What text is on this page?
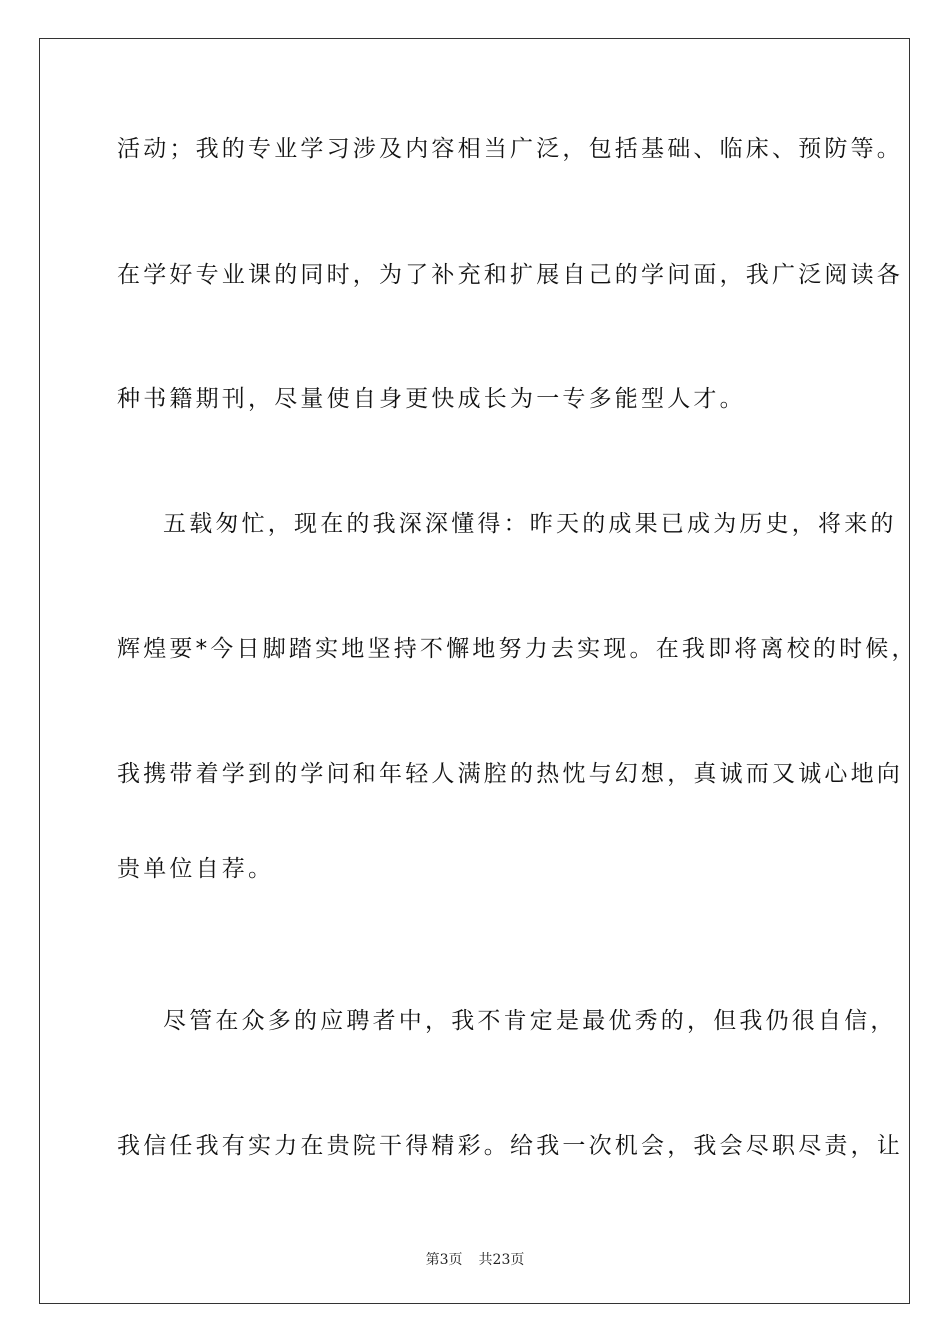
活动；我的专业学习涉及内容相当广泛，包括基础、临床、预防等。
在学好专业课的同时，为了补充和扩展自己的学问面，我广泛阅读各
种书籍期刊，尽量使自身更快成长为一专多能型人才。
五载匆忙，现在的我深深懂得：昨天的成果已成为历史，将来的
辉煌要*今日脚踏实地坚持不懈地努力去实现。在我即将离校的时候，
我携带着学到的学问和年轻人满腔的热忱与幻想，真诚而又诚心地向
贵单位自荐。
尽管在众多的应聘者中，我不肯定是最优秀的，但我仍很自信，
我信任我有实力在贵院干得精彩。给我一次机会，我会尽职尽责，让
第3页 共23页
